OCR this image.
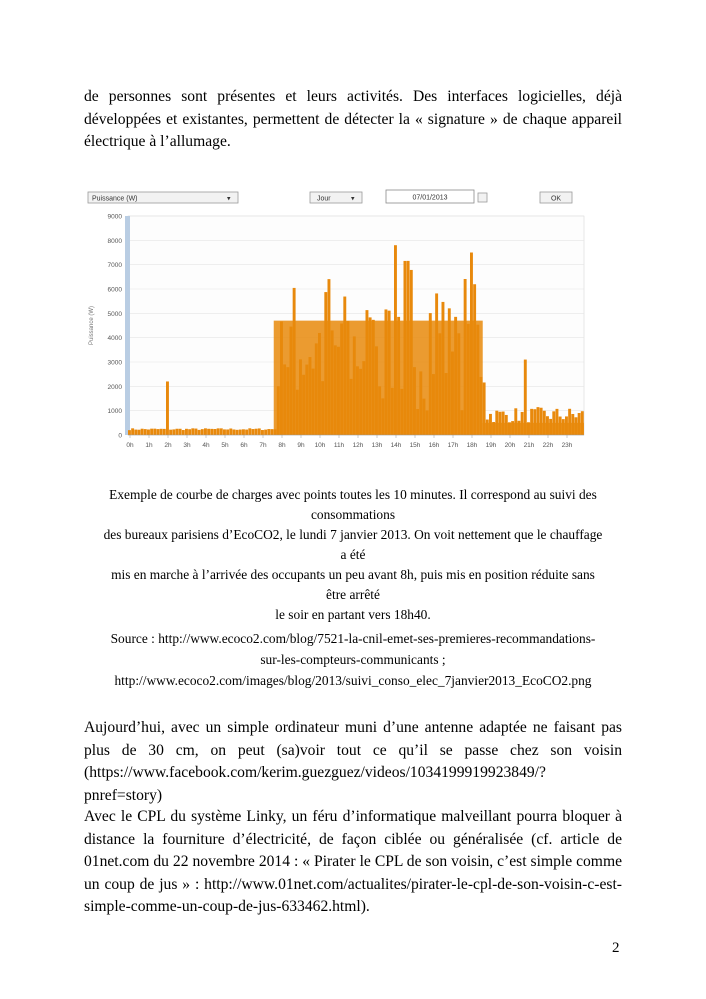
de personnes sont présentes et leurs activités. Des interfaces logicielles, déjà
développées et existantes, permettent de détecter la « signature » de chaque appareil
électrique à l’allumage.
Puissance (W)	▾	Jour	▾	07/01/2013	OK
0
1000
2000
3000
4000
5000
6000
7000
8000
9000
Puissance (W)
0h 1h 2h 3h 4h 5h 6h 7h 8h 9h 10h 11h 12h 13h 14h 15h 16h 17h 18h 19h 20h 21h 22h 23h
Exemple de courbe de charges avec points toutes les 10 minutes. Il correspond au suivi des
consommations
des bureaux parisiens d’EcoCO2, le lundi 7 janvier 2013. On voit nettement que le chauffage
a été
mis en marche à l’arrivée des occupants un peu avant 8h, puis mis en position réduite sans
être arrêté
le soir en partant vers 18h40.
Source : http://www.ecoco2.com/blog/7521-la-cnil-emet-ses-premieres-recommandations-
sur-les-compteurs-communicants ;
http://www.ecoco2.com/images/blog/2013/suivi_conso_elec_7janvier2013_EcoCO2.png
Aujourd’hui, avec un simple ordinateur muni d’une antenne adaptée ne faisant pas
plus de 30 cm, on peut (sa)voir tout ce qu’il se passe chez son voisin
(https://www.facebook.com/kerim.guezguez/videos/1034199919923849/?pnref=story)
Avec le CPL du système Linky, un féru d’informatique malveillant pourra bloquer à
distance la fourniture d’électricité, de façon ciblée ou généralisée (cf. article de
01net.com du 22 novembre 2014 : « Pirater le CPL de son voisin, c’est simple comme
un coup de jus » : http://www.01net.com/actualites/pirater-le-cpl-de-son-voisin-c-est-
simple-comme-un-coup-de-jus-633462.html).
2
